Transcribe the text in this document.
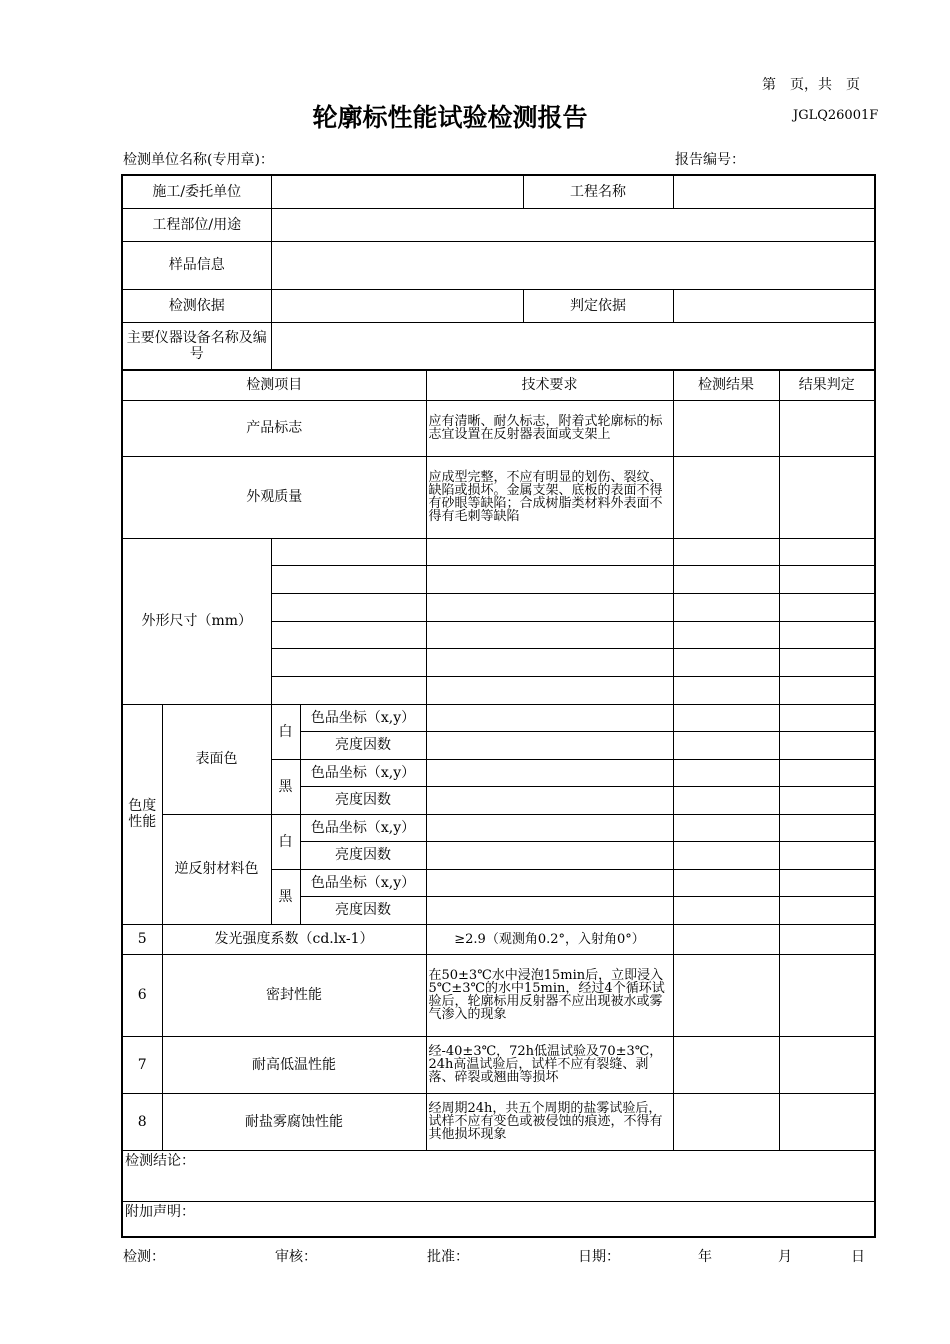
第　页，共　页
轮廓标性能试验检测报告	JGLQ26001F
检测单位名称(专用章)：	报告编号：
施工/委托单位					工程名称		
工程部位/用途							
样品信息							
检测依据					判定依据		
主要仪器设备名称及编号							
检测项目				技术要求		检测结果	结果判定
产品标志				应有清晰、耐久标志，附着式轮廓标的标志宜设置在反射器表面或支架上			
外观质量				应成型完整，不应有明显的划伤、裂纹、缺陷或损坏。金属支架、底板的表面不得有砂眼等缺陷；合成树脂类材料外表面不得有毛刺等缺陷			
外形尺寸（mm）							

色度性能	表面色	白	色品坐标（x,y）				
			亮度因数				
		黑	色品坐标（x,y）				
			亮度因数				
	逆反射材料色	白	色品坐标（x,y）				
			亮度因数				
		黑	色品坐标（x,y）				
			亮度因数				
5	发光强度系数（cd.lx-1）			≥2.9（观测角0.2°，入射角0°）			
6	密封性能			在50±3℃水中浸泡15min后，立即浸入5℃±3℃的水中15min，经过4个循环试验后，轮廓标用反射器不应出现被水或雾气渗入的现象			
7	耐高低温性能			经-40±3℃，72h低温试验及70±3℃，24h高温试验后，试样不应有裂缝、剥落、碎裂或翘曲等损坏			
8	耐盐雾腐蚀性能			经周期24h，共五个周期的盐雾试验后，试样不应有变色或被侵蚀的痕迹，不得有其他损坏现象			
检测结论：							
附加声明：							
检测：	审核：	批准：	日期：	年	月	日
